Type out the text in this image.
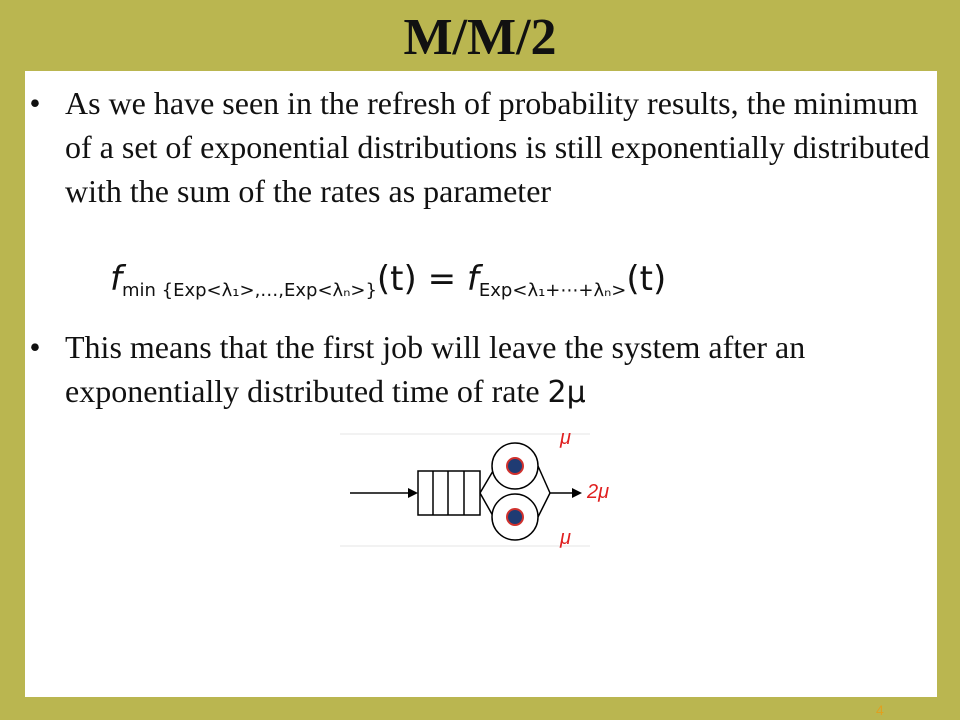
M/M/2
• As we have seen in the refresh of probability results, the minimum of a set of exponential distributions is still exponentially distributed with the sum of the rates as parameter
$f_{min \{Exp<\lambda_1>,\dots,Exp<\lambda_n>\}}(t) = f_{Exp<\lambda_1+\cdots+\lambda_n>}(t)$
• This means that the first job will leave the system after an exponentially distributed time of rate 2μ
μ
μ
2μ
4
